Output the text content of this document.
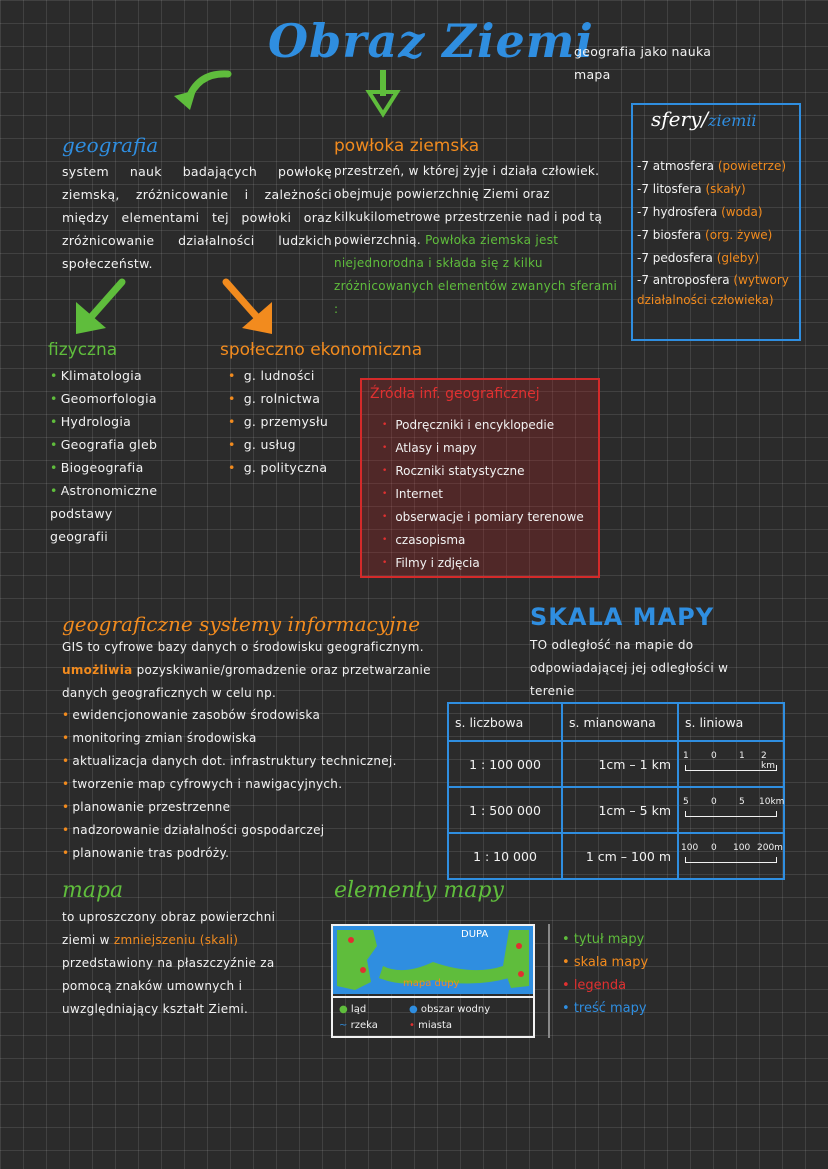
Obraz Ziemi
geografia jako nauka
mapa
geografia
system nauk badających powłokę ziemską, zróżnicowanie i zależności między elementami tej powłoki oraz zróżnicowanie działalności ludzkich społeczeństw.
powłoka ziemska
przestrzeń, w której żyje i działa człowiek. obejmuje powierzchnię Ziemi oraz kilkukilometrowe przestrzenie nad i pod tą powierzchnią. Powłoka ziemska jest niejednorodna i składa się z kilku zróżnicowanych elementów zwanych sferami :
sfery/ziemii
-7 atmosfera (powietrze)
-7 litosfera (skały)
-7 hydrosfera (woda)
-7 biosfera (org. żywe)
-7 pedosfera (gleby)
-7 antroposfera (wytwory działalności człowieka)
fizyczna
• Klimatologia
• Geomorfologia
• Hydrologia
• Geografia gleb
• Biogeografia
• Astronomiczne podstawy geografii
społeczno ekonomiczna
• g. ludności
• g. rolnictwa
• g. przemysłu
• g. usług
• g. polityczna
Źródła inf. geograficznej
• Podręczniki i encyklopedie
• Atlasy i mapy
• Roczniki statystyczne
• Internet
• obserwacje i pomiary terenowe
• czasopisma
• Filmy i zdjęcia
geograficzne systemy informacyjne
GIS to cyfrowe bazy danych o środowisku geograficznym.
umożliwia pozyskiwanie/gromadzenie oraz przetwarzanie danych geograficznych w celu np.
• ewidencjonowanie zasobów środowiska
• monitoring zmian środowiska
• aktualizacja danych dot. infrastruktury technicznej.
• tworzenie map cyfrowych i nawigacyjnych.
• planowanie przestrzenne
• nadzorowanie działalności gospodarczej
• planowanie tras podróży.
SKALA MAPY
TO odległość na mapie do odpowiadającej jej odległości w terenie
s. liczbowa	s. mianowana	s. liniowa
1 : 100 000	1cm – 1 km	1 0 1 2 km

1 : 500 000	1cm – 5 km	5 0 5 10km

1 : 10 000	1 cm – 100 m	100 0 100 200m
mapa
to uproszczony obraz powierzchni ziemi w zmniejszeniu (skali) przedstawiony na płaszczyźnie za pomocą znaków umownych i uwzględniający kształt Ziemi.
elementy mapy
DUPA
mapa dupy
● ląd
~ rzeka
● obszar wodny
• miasta
• tytuł mapy
• skala mapy
• legenda
• treść mapy
